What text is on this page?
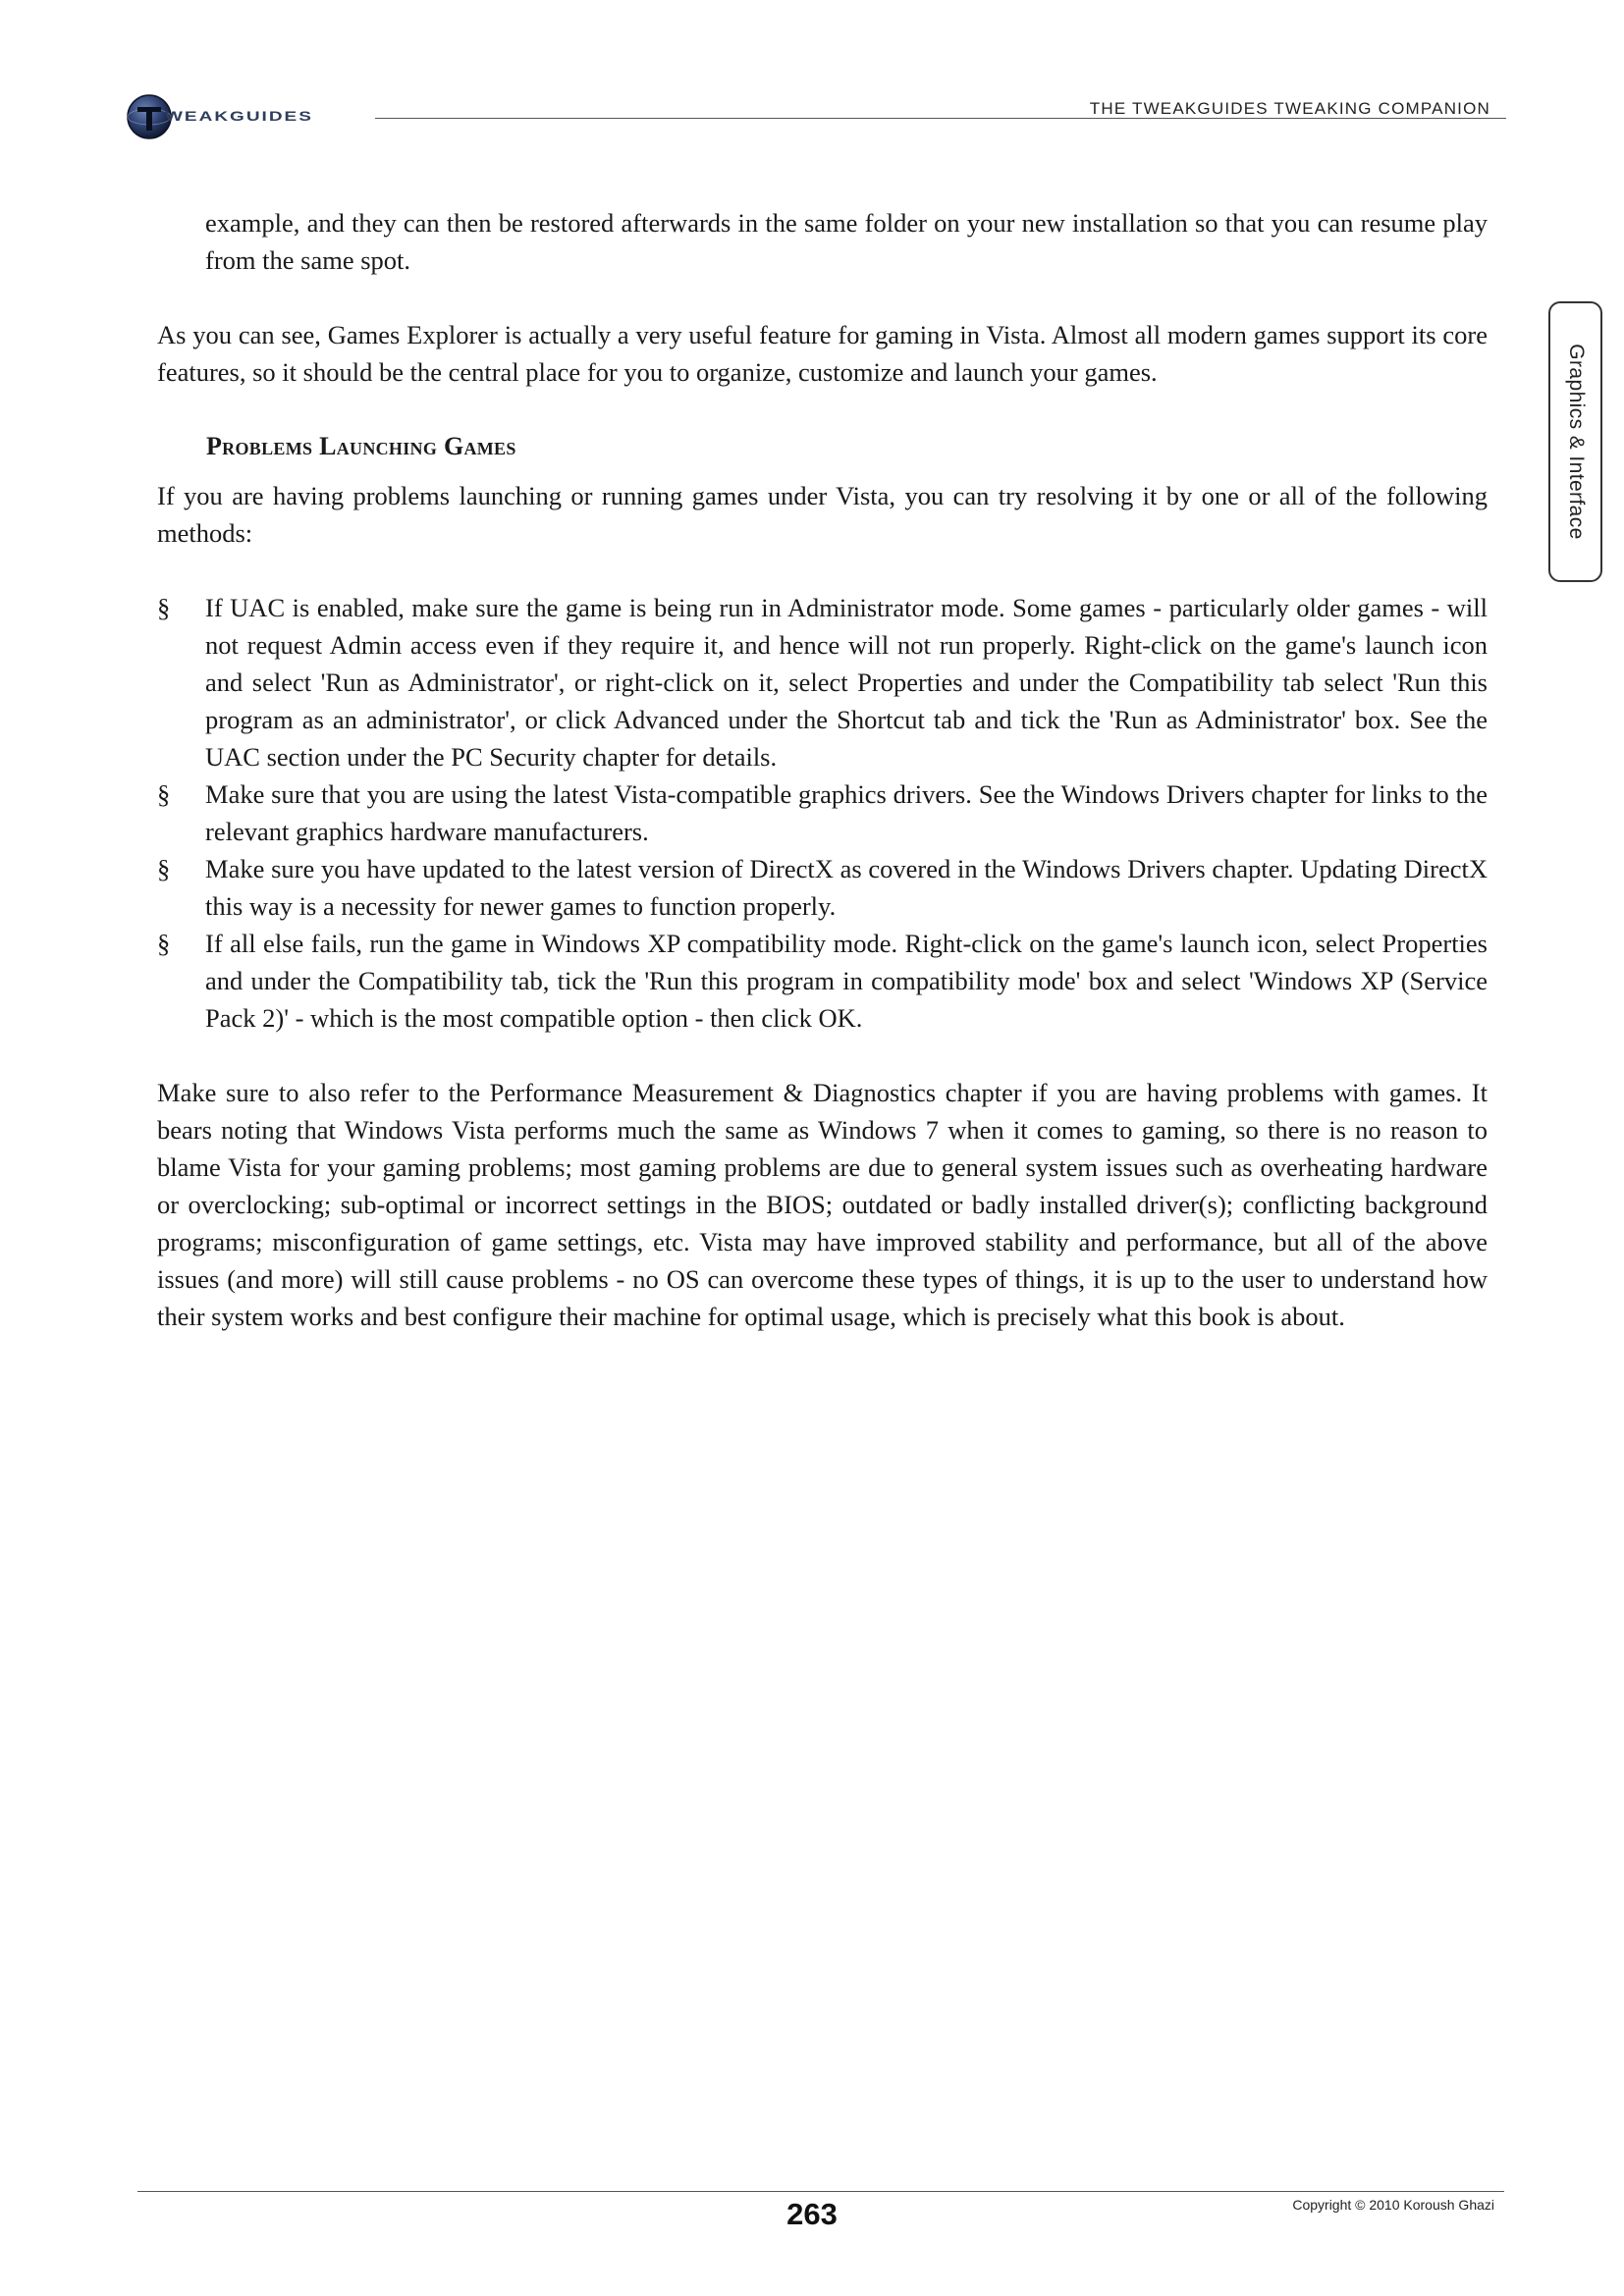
WEAKGUIDES	THE TWEAKGUIDES TWEAKING COMPANION
Graphics & Interface

example, and they can then be restored afterwards in the same folder on your new installation so that you can resume play from the same spot.

As you can see, Games Explorer is actually a very useful feature for gaming in Vista. Almost all modern games support its core features, so it should be the central place for you to organize, customize and launch your games.

Problems Launching Games

If you are having problems launching or running games under Vista, you can try resolving it by one or all of the following methods:

§ If UAC is enabled, make sure the game is being run in Administrator mode. Some games - particularly older games - will not request Admin access even if they require it, and hence will not run properly. Right-click on the game's launch icon and select 'Run as Administrator', or right-click on it, select Properties and under the Compatibility tab select 'Run this program as an administrator', or click Advanced under the Shortcut tab and tick the 'Run as Administrator' box. See the UAC section under the PC Security chapter for details.
§ Make sure that you are using the latest Vista-compatible graphics drivers. See the Windows Drivers chapter for links to the relevant graphics hardware manufacturers.
§ Make sure you have updated to the latest version of DirectX as covered in the Windows Drivers chapter. Updating DirectX this way is a necessity for newer games to function properly.
§ If all else fails, run the game in Windows XP compatibility mode. Right-click on the game's launch icon, select Properties and under the Compatibility tab, tick the 'Run this program in compatibility mode' box and select 'Windows XP (Service Pack 2)' - which is the most compatible option - then click OK.

Make sure to also refer to the Performance Measurement & Diagnostics chapter if you are having problems with games. It bears noting that Windows Vista performs much the same as Windows 7 when it comes to gaming, so there is no reason to blame Vista for your gaming problems; most gaming problems are due to general system issues such as overheating hardware or overclocking; sub-optimal or incorrect settings in the BIOS; outdated or badly installed driver(s); conflicting background programs; misconfiguration of game settings, etc. Vista may have improved stability and performance, but all of the above issues (and more) will still cause problems - no OS can overcome these types of things, it is up to the user to understand how their system works and best configure their machine for optimal usage, which is precisely what this book is about.

263	Copyright © 2010 Koroush Ghazi
